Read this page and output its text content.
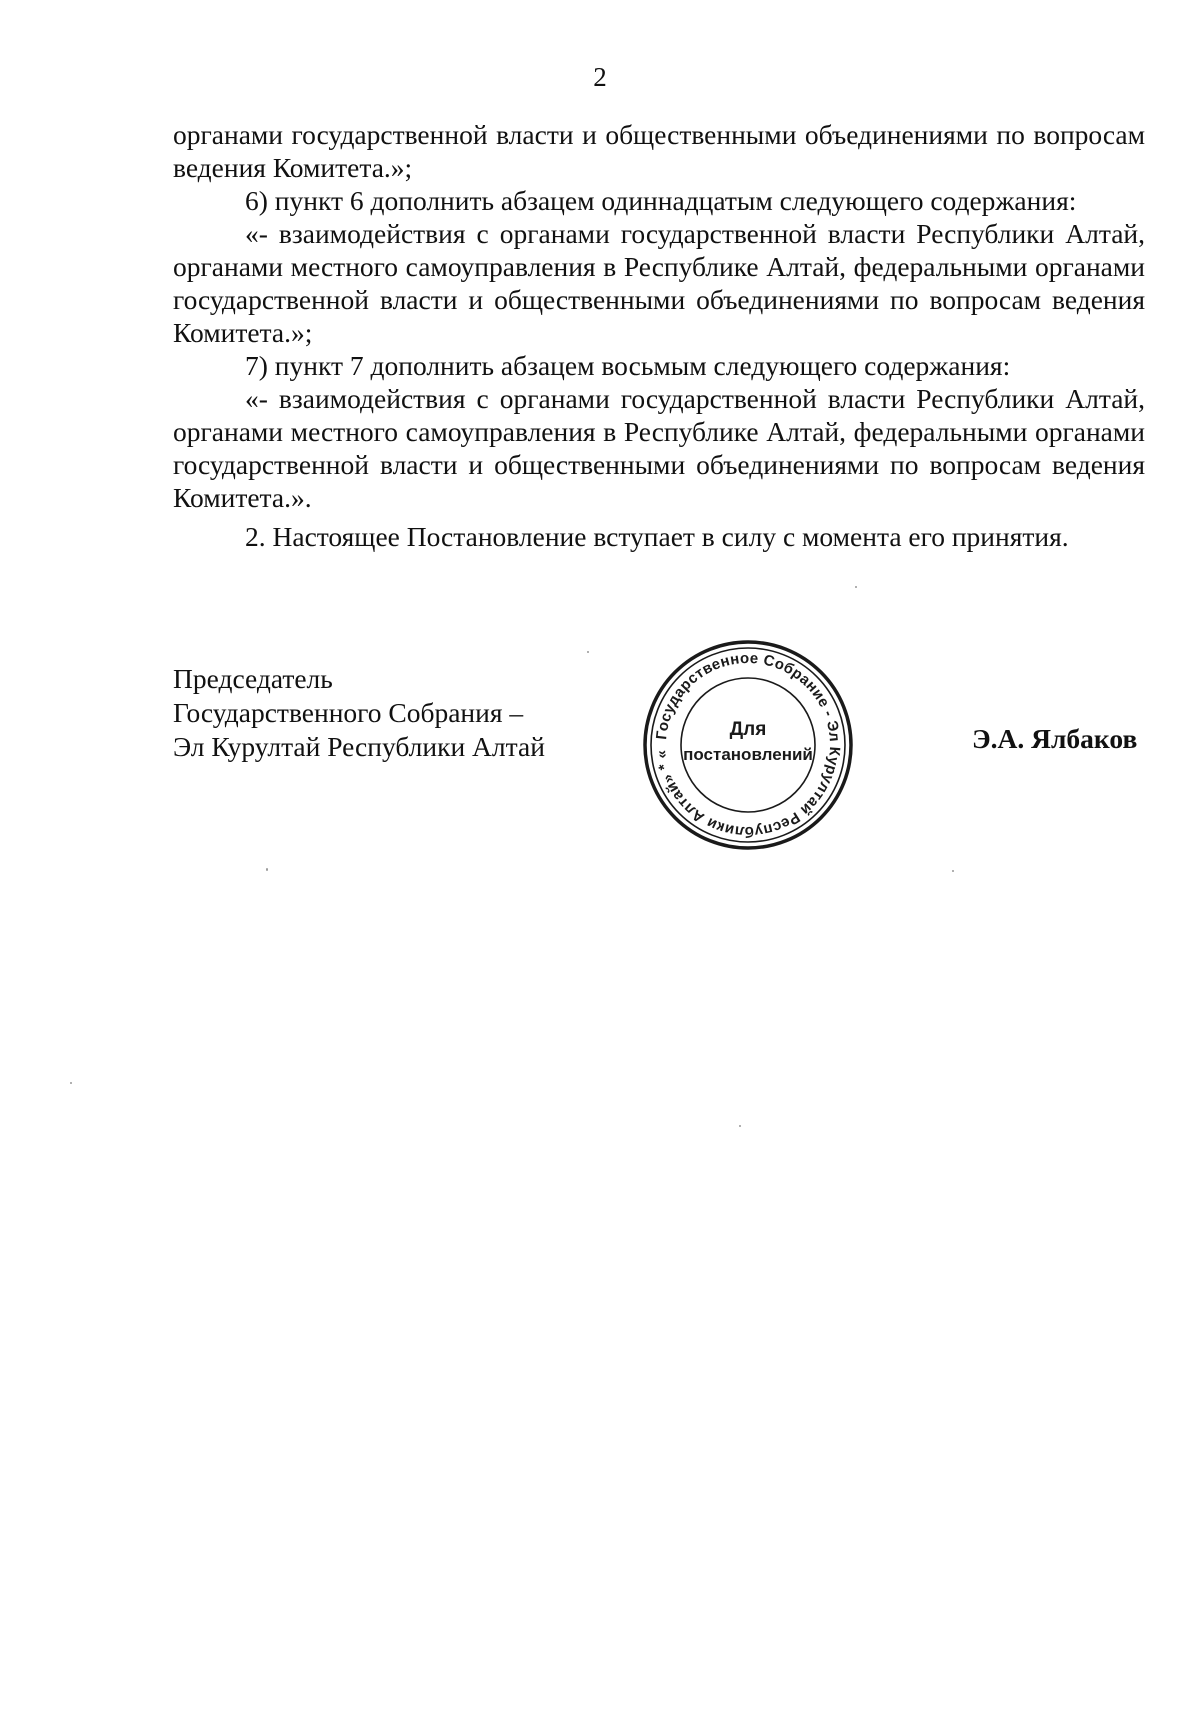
2

органами государственной власти и общественными объединениями по вопросам ведения Комитета.»;

6) пункт 6 дополнить абзацем одиннадцатым следующего содержания:

«- взаимодействия с органами государственной власти Республики Алтай, органами местного самоуправления в Республике Алтай, федеральными органами государственной власти и общественными объединениями по вопросам ведения Комитета.»;

7) пункт 7 дополнить абзацем восьмым следующего содержания:

«- взаимодействия с органами государственной власти Республики Алтай, органами местного самоуправления в Республике Алтай, федеральными органами государственной власти и общественными объединениями по вопросам ведения Комитета.».

2. Настоящее Постановление вступает в силу с момента его принятия.

Председатель
Государственного Собрания –
Эл Курултай Республики Алтай	Государственное Собрание - Эл Курултай Республики Алтай» * «
Для
постановлений
Э.А. Ялбаков
